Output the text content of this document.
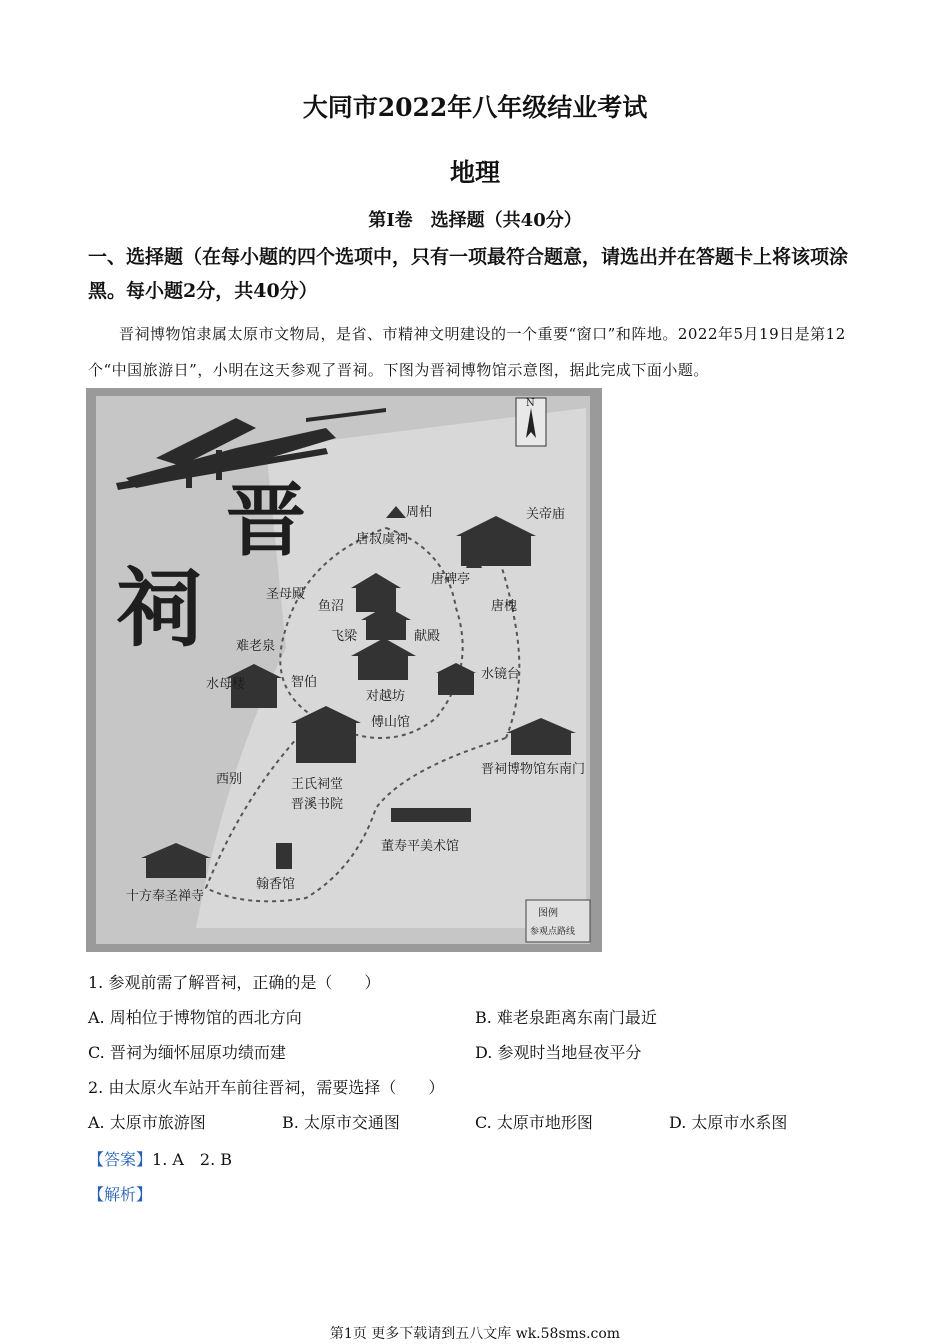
大同市2022年八年级结业考试
地理
第Ⅰ卷　选择题（共40分）
一、选择题（在每小题的四个选项中，只有一项最符合题意，请选出并在答题卡上将该项涂黑。每小题2分，共40分）
晋祠博物馆隶属太原市文物局，是省、市精神文明建设的一个重要“窗口”和阵地。2022年5月19日是第12个“中国旅游日”，小明在这天参观了晋祠。下图为晋祠博物馆示意图，据此完成下面小题。
N
晋
祠
周柏	关帝庙
唐叔虞祠
唐碑亭
唐槐
圣母殿
鱼沼
飞梁	献殿
难老泉
水母楼	智伯
对越坊
水镜台
傅山馆
晋祠博物馆东南门
王氏祠堂
晋溪书院
西别
董寿平美术馆
翰香馆
十方奉圣禅寺
图例
参观点路线
1. 参观前需了解晋祠，正确的是（　　）
A. 周柏位于博物馆的西北方向	B. 难老泉距离东南门最近
C. 晋祠为缅怀屈原功绩而建	D. 参观时当地昼夜平分
2. 由太原火车站开车前往晋祠，需要选择（　　）
A. 太原市旅游图	B. 太原市交通图	C. 太原市地形图	D. 太原市水系图
【答案】1. A　2. B
【解析】
第1页 更多下载请到五八文库 wk.58sms.com
